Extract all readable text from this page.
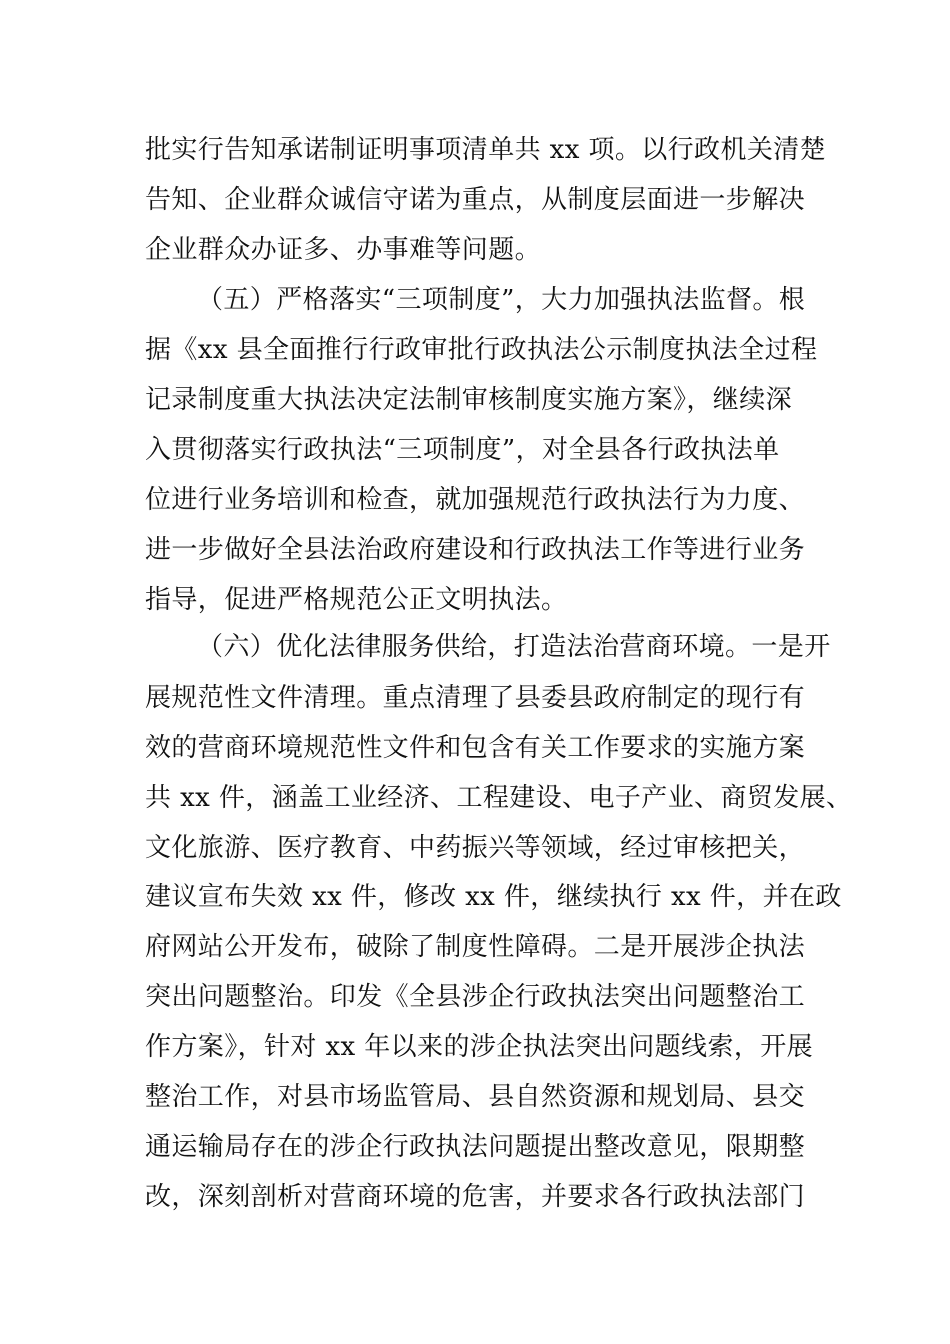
批实行告知承诺制证明事项清单共 xx 项。以行政机关清楚
告知、企业群众诚信守诺为重点，从制度层面进一步解决
企业群众办证多、办事难等问题。
（五）严格落实“三项制度”，大力加强执法监督。根
据《xx 县全面推行行政审批行政执法公示制度执法全过程
记录制度重大执法决定法制审核制度实施方案》，继续深
入贯彻落实行政执法“三项制度”，对全县各行政执法单
位进行业务培训和检查，就加强规范行政执法行为力度、
进一步做好全县法治政府建设和行政执法工作等进行业务
指导，促进严格规范公正文明执法。
（六）优化法律服务供给，打造法治营商环境。一是开
展规范性文件清理。重点清理了县委县政府制定的现行有
效的营商环境规范性文件和包含有关工作要求的实施方案
共 xx 件，涵盖工业经济、工程建设、电子产业、商贸发展、
文化旅游、医疗教育、中药振兴等领域，经过审核把关，
建议宣布失效 xx 件，修改 xx 件，继续执行 xx 件，并在政
府网站公开发布，破除了制度性障碍。二是开展涉企执法
突出问题整治。印发《全县涉企行政执法突出问题整治工
作方案》，针对 xx 年以来的涉企执法突出问题线索，开展
整治工作，对县市场监管局、县自然资源和规划局、县交
通运输局存在的涉企行政执法问题提出整改意见，限期整
改，深刻剖析对营商环境的危害，并要求各行政执法部门
